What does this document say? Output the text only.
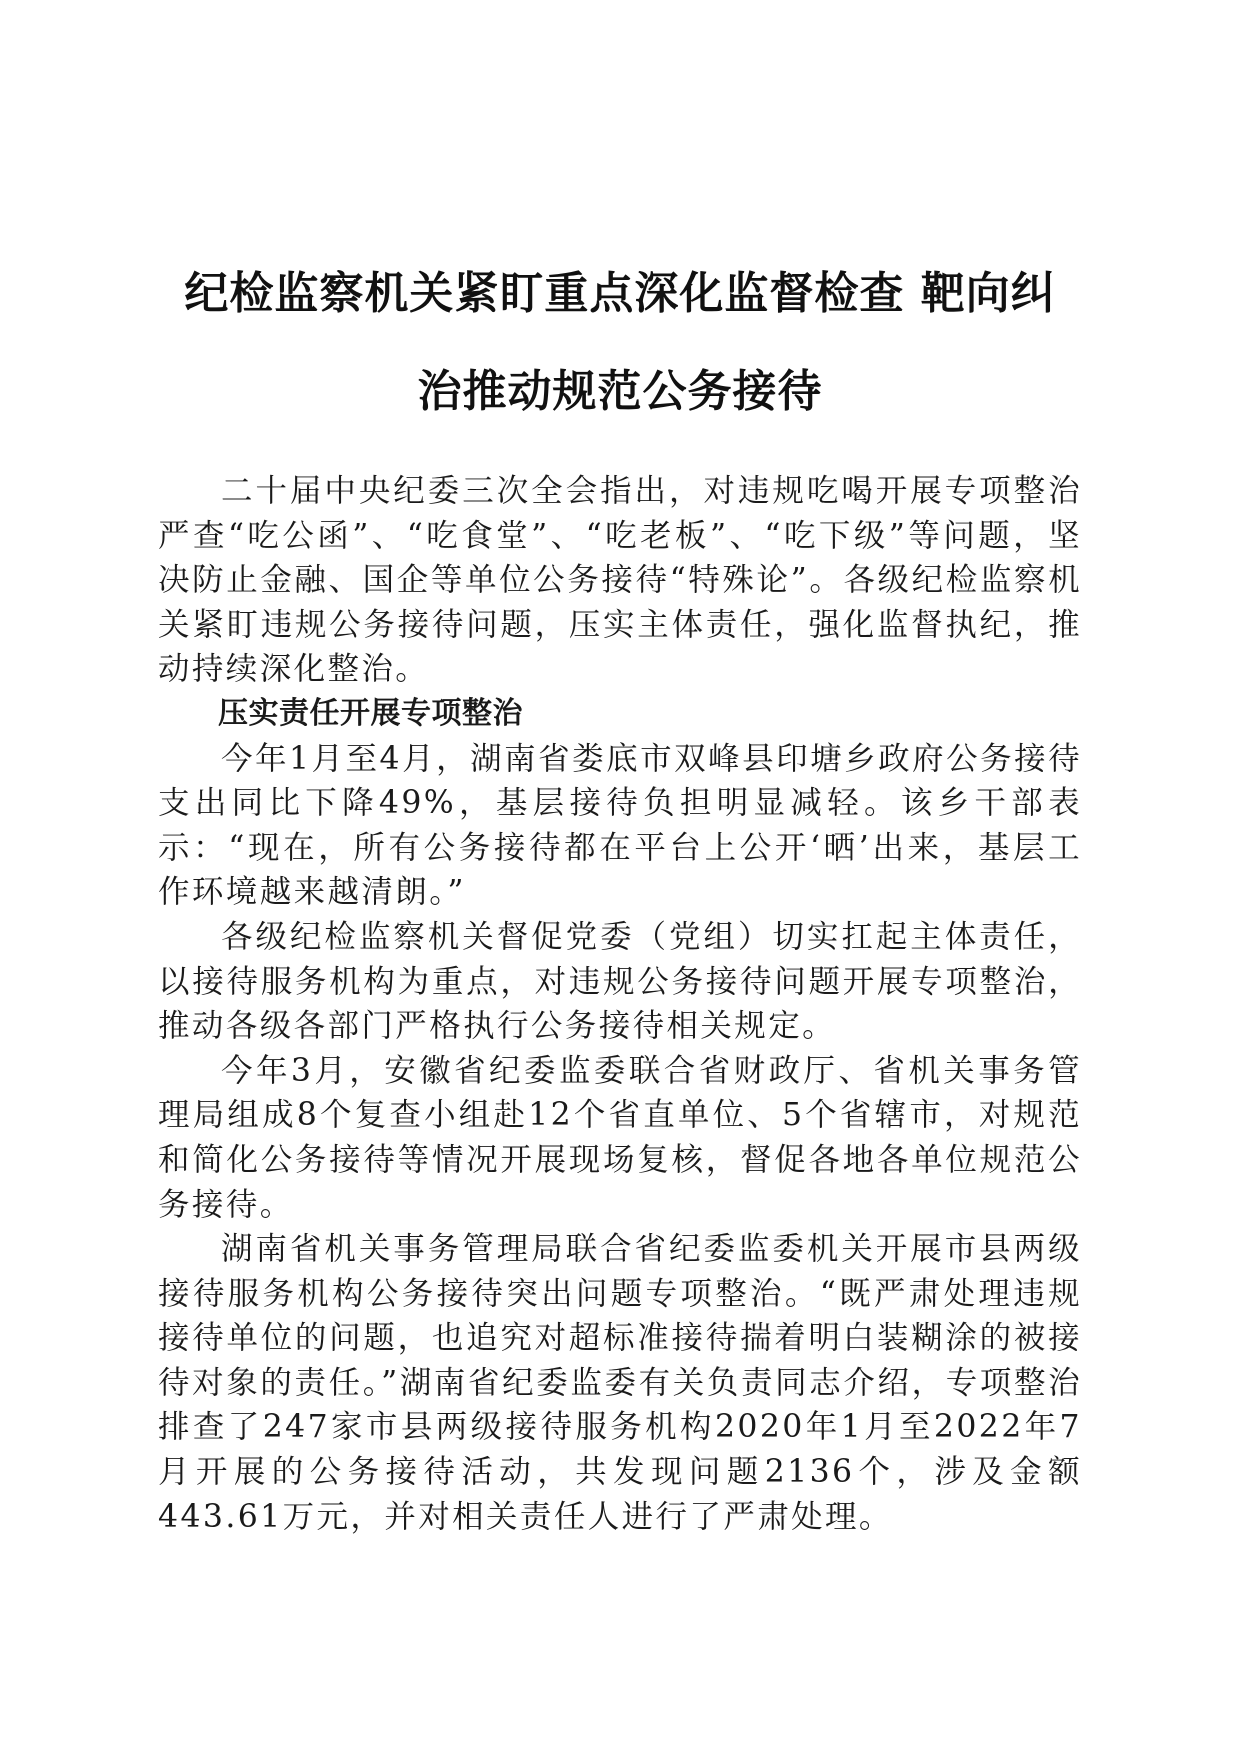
纪检监察机关紧盯重点深化监督检查 靶向纠
治推动规范公务接待

二十届中央纪委三次全会指出，对违规吃喝开展专项整治严查“吃公函”、“吃食堂”、“吃老板”、“吃下级”等问题，坚决防止金融、国企等单位公务接待“特殊论”。各级纪检监察机关紧盯违规公务接待问题，压实主体责任，强化监督执纪，推动持续深化整治。

压实责任开展专项整治

今年1月至4月，湖南省娄底市双峰县印塘乡政府公务接待支出同比下降49%，基层接待负担明显减轻。该乡干部表示：“现在，所有公务接待都在平台上公开‘晒’出来，基层工作环境越来越清朗。”

各级纪检监察机关督促党委（党组）切实扛起主体责任，以接待服务机构为重点，对违规公务接待问题开展专项整治，推动各级各部门严格执行公务接待相关规定。

今年3月，安徽省纪委监委联合省财政厅、省机关事务管理局组成8个复查小组赴12个省直单位、5个省辖市，对规范和简化公务接待等情况开展现场复核，督促各地各单位规范公务接待。

湖南省机关事务管理局联合省纪委监委机关开展市县两级接待服务机构公务接待突出问题专项整治。“既严肃处理违规接待单位的问题，也追究对超标准接待揣着明白装糊涂的被接待对象的责任。”湖南省纪委监委有关负责同志介绍，专项整治排查了247家市县两级接待服务机构2020年1月至2022年7月开展的公务接待活动，共发现问题2136个，涉及金额443.61万元，并对相关责任人进行了严肃处理。
